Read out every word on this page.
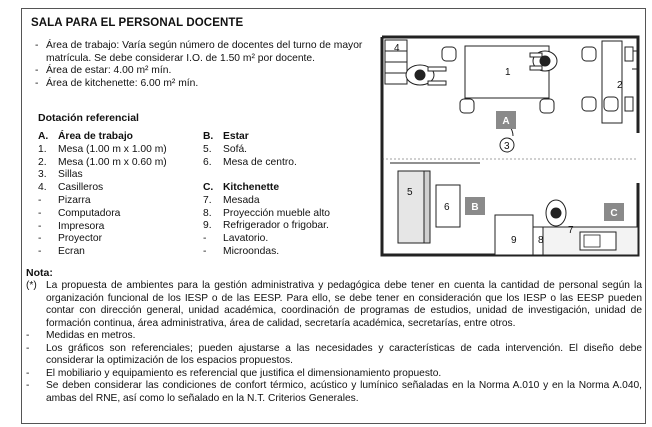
SALA PARA EL PERSONAL DOCENTE
- Área de trabajo: Varía según número de docentes del turno de mayor matrícula. Se debe considerar I.O. de 1.50 m² por docente.
- Área de estar: 4.00 m² mín.
- Área de kitchenette: 6.00 m² mín.
Dotación referencial
A. Área de trabajo
1.	Mesa (1.00 m x 1.00 m)
2.	Mesa (1.00 m x 0.60 m)
3.	Sillas
4.	Casilleros
-	Pizarra
-	Computadora
-	Impresora
-	Proyector
-	Ecran
B. Estar
5.	Sofá.
6.	Mesa de centro.
C. Kitchenette
7.	Mesada
8.	Proyección mueble alto
9.	Refrigerador o frigobar.
-	Lavatorio.
-	Microondas.
A
B
C
4
1
2
3
5
6
7
8
9
Nota:
(*) La propuesta de ambientes para la gestión administrativa y pedagógica debe tener en cuenta la cantidad de personal según la organización funcional de los IESP o de las EESP. Para ello, se debe tener en consideración que los IESP o las EESP pueden contar con dirección general, unidad académica, coordinación de programas de estudios, unidad de investigación, unidad de formación continua, área administrativa, área de calidad, secretaría académica, secretarías, entre otros.
-	Medidas en metros.
-	Los gráficos son referenciales; pueden ajustarse a las necesidades y características de cada intervención. El diseño debe considerar la optimización de los espacios propuestos.
-	El mobiliario y equipamiento es referencial que justifica el dimensionamiento propuesto.
-	Se deben considerar las condiciones de confort térmico, acústico y lumínico señaladas en la Norma A.010 y en la Norma A.040, ambas del RNE, así como lo señalado en la N.T. Criterios Generales.
